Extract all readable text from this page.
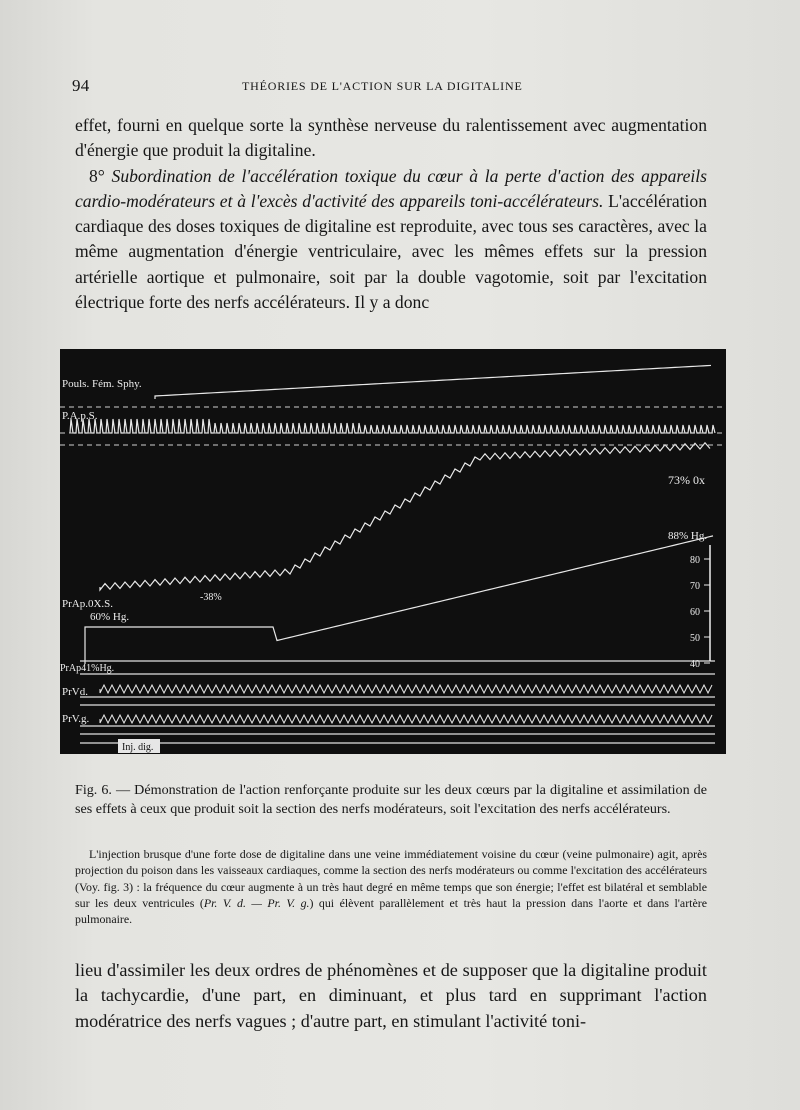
94	THÉORIES DE L'ACTION SUR LA DIGITALINE

effet, fourni en quelque sorte la synthèse nerveuse du ralentissement avec augmentation d'énergie que produit la digitaline.

8° Subordination de l'accélération toxique du cœur à la perte d'action des appareils cardio-modérateurs et à l'excès d'activité des appareils toni-accélérateurs. L'accélération cardiaque des doses toxiques de digitaline est reproduite, avec tous ses caractères, avec la même augmentation d'énergie ventriculaire, avec les mêmes effets sur la pression artérielle aortique et pulmonaire, soit par la double vagotomie, soit par l'excitation électrique forte des nerfs accélérateurs. Il y a donc

Pouls. Fém. Sphy.
P.A.p.S.
PrAp.0X.S.
60% Hg.
-38%
73% 0x
88% Hg.
PrAp41%Hg.
PrVd.
PrV.g.
Inj. dig.
80
70
60
50
40

Fig. 6. — Démonstration de l'action renforçante produite sur les deux cœurs par la digitaline et assimilation de ses effets à ceux que produit soit la section des nerfs modérateurs, soit l'excitation des nerfs accélérateurs.

L'injection brusque d'une forte dose de digitaline dans une veine immédiatement voisine du cœur (veine pulmonaire) agit, après projection du poison dans les vaisseaux cardiaques, comme la section des nerfs modérateurs ou comme l'excitation des accélérateurs (Voy. fig. 3) : la fréquence du cœur augmente à un très haut degré en même temps que son énergie; l'effet est bilatéral et semblable sur les deux ventricules (Pr. V. d. — Pr. V. g.) qui élèvent parallèlement et très haut la pression dans l'aorte et dans l'artère pulmonaire.

lieu d'assimiler les deux ordres de phénomènes et de supposer que la digitaline produit la tachycardie, d'une part, en diminuant, et plus tard en supprimant l'action modératrice des nerfs vagues ; d'autre part, en stimulant l'activité toni-
